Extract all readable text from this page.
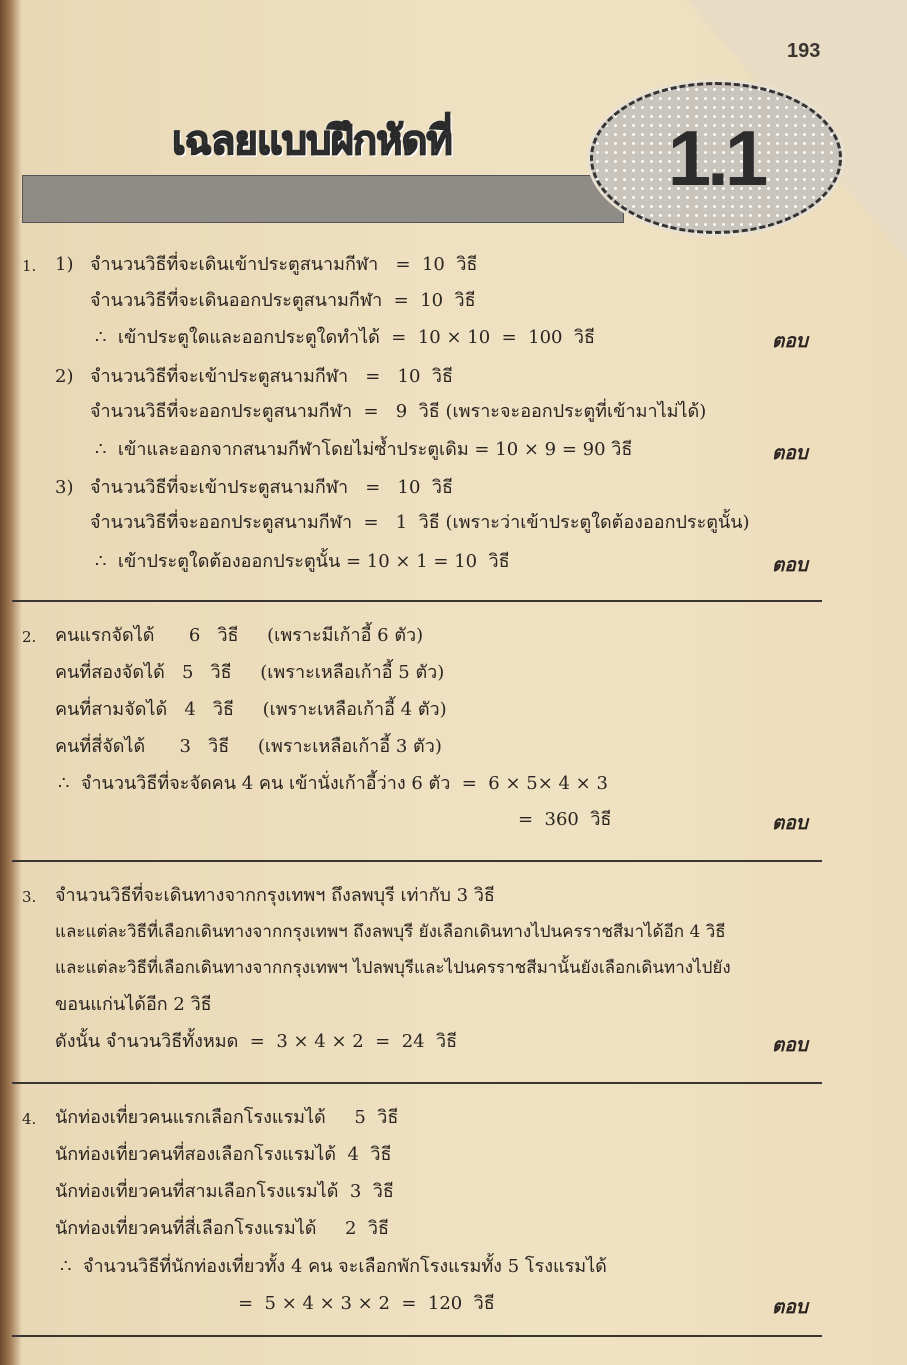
193
เฉลยแบบฝึกหัดที่	1.1
1. 1) จำนวนวิธีที่จะเดินเข้าประตูสนามกีฬา   =  10  วิธี
จำนวนวิธีที่จะเดินออกประตูสนามกีฬา  =  10  วิธี
∴  เข้าประตูใดและออกประตูใดทำได้  =  10 × 10  =  100  วิธี	ตอบ
2) จำนวนวิธีที่จะเข้าประตูสนามกีฬา   =   10  วิธี
จำนวนวิธีที่จะออกประตูสนามกีฬา  =   9  วิธี (เพราะจะออกประตูที่เข้ามาไม่ได้)
∴  เข้าและออกจากสนามกีฬาโดยไม่ซ้ำประตูเดิม = 10 × 9 = 90 วิธี	ตอบ
3) จำนวนวิธีที่จะเข้าประตูสนามกีฬา   =   10  วิธี
จำนวนวิธีที่จะออกประตูสนามกีฬา  =   1  วิธี (เพราะว่าเข้าประตูใดต้องออกประตูนั้น)
∴  เข้าประตูใดต้องออกประตูนั้น = 10 × 1 = 10  วิธี	ตอบ
2. คนแรกจัดได้      6   วิธี     (เพราะมีเก้าอี้ 6 ตัว)
คนที่สองจัดได้   5   วิธี     (เพราะเหลือเก้าอี้ 5 ตัว)
คนที่สามจัดได้   4   วิธี     (เพราะเหลือเก้าอี้ 4 ตัว)
คนที่สี่จัดได้      3   วิธี     (เพราะเหลือเก้าอี้ 3 ตัว)
∴  จำนวนวิธีที่จะจัดคน 4 คน เข้านั่งเก้าอี้ว่าง 6 ตัว  =  6 × 5× 4 × 3
=  360  วิธี	ตอบ
3. จำนวนวิธีที่จะเดินทางจากกรุงเทพฯ ถึงลพบุรี เท่ากับ 3 วิธี
และแต่ละวิธีที่เลือกเดินทางจากกรุงเทพฯ ถึงลพบุรี ยังเลือกเดินทางไปนครราชสีมาได้อีก 4 วิธี
และแต่ละวิธีที่เลือกเดินทางจากกรุงเทพฯ ไปลพบุรีและไปนครราชสีมานั้นยังเลือกเดินทางไปยัง
ขอนแก่นได้อีก 2 วิธี
ดังนั้น จำนวนวิธีทั้งหมด  =  3 × 4 × 2  =  24  วิธี	ตอบ
4. นักท่องเที่ยวคนแรกเลือกโรงแรมได้     5  วิธี
นักท่องเที่ยวคนที่สองเลือกโรงแรมได้  4  วิธี
นักท่องเที่ยวคนที่สามเลือกโรงแรมได้  3  วิธี
นักท่องเที่ยวคนที่สี่เลือกโรงแรมได้     2  วิธี
∴  จำนวนวิธีที่นักท่องเที่ยวทั้ง 4 คน จะเลือกพักโรงแรมทั้ง 5 โรงแรมได้
=  5 × 4 × 3 × 2  =  120  วิธี	ตอบ
